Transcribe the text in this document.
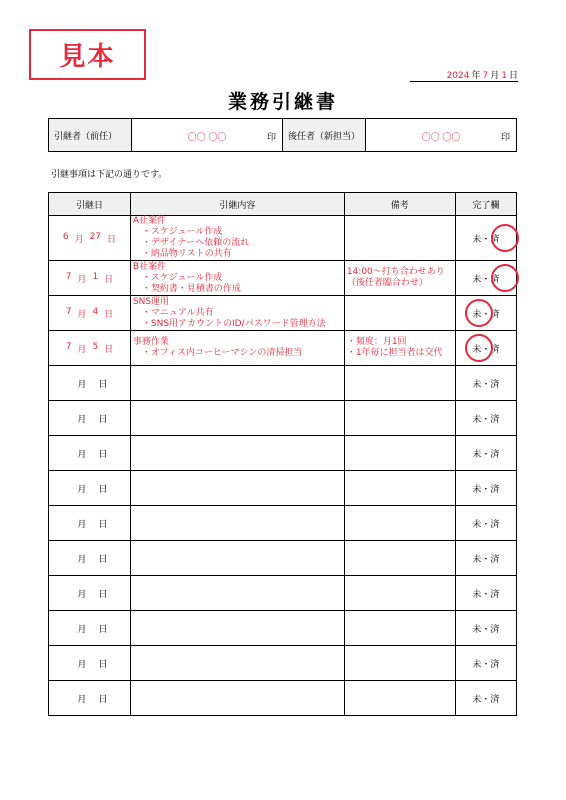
見本
2024 年 7 月 1 日
業務引継書
引継者（前任）	〇〇 〇〇	印	後任者（新担当）	〇〇 〇〇	印
引継事項は下記の通りです。
引継日	引継内容	備考	完了欄

6 月 27 日	A社案件
　・スケジュール作成
　・デザイナーへ依頼の流れ
　・納品物リストの共有		未・済

7 月 1 日	B社案件
　・スケジュール作成
　・契約書・見積書の作成	14:00～打ち合わせあり
（後任者臨合わせ）	未・済

7 月 4 日	SNS運用
　・マニュアル共有
　・SNS用アカウントのID/パスワード管理方法		未・済

7 月 5 日	事務作業
　・オフィス内コーヒーマシンの清掃担当	・頻度：月1回
・1年毎に担当者は交代	未・済

月 日			未・済

月 日			未・済

月 日			未・済

月 日			未・済

月 日			未・済

月 日			未・済

月 日			未・済

月 日			未・済

月 日			未・済

月 日			未・済
